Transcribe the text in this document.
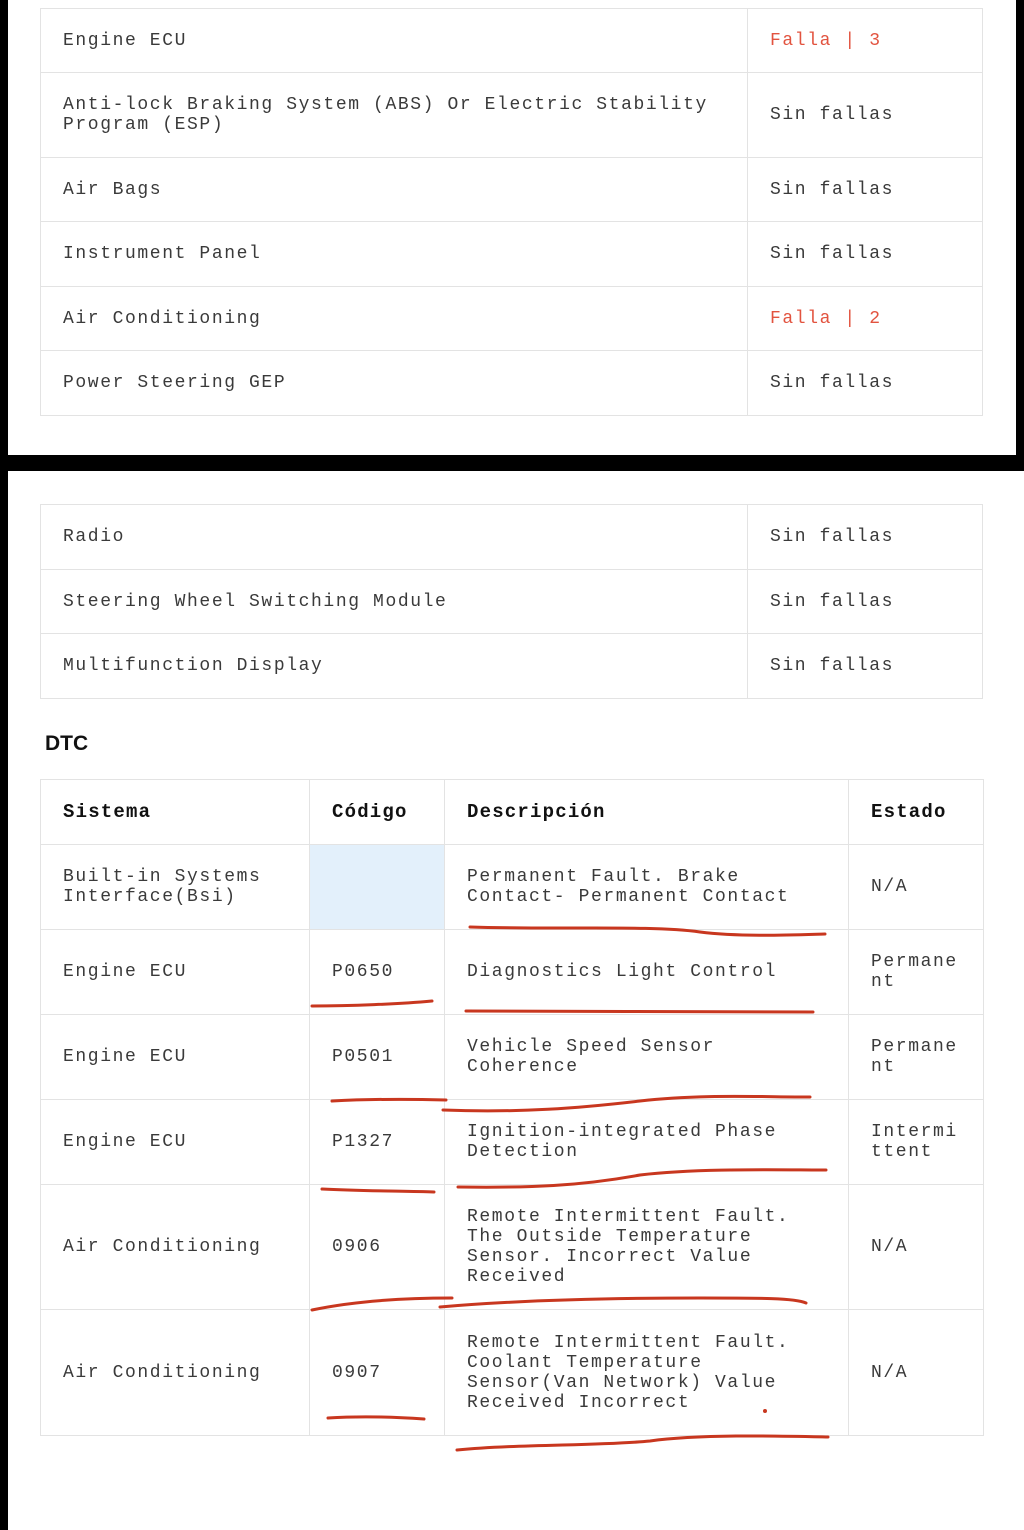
Engine ECU	Falla | 3
Anti-lock Braking System (ABS) Or Electric Stability Program (ESP)	Sin fallas
Air Bags	Sin fallas
Instrument Panel	Sin fallas
Air Conditioning	Falla | 2
Power Steering GEP	Sin fallas
Radio	Sin fallas
Steering Wheel Switching Module	Sin fallas
Multifunction Display	Sin fallas
DTC
Sistema	Código	Descripción	Estado
Built-in Systems Interface(Bsi)		Permanent Fault. Brake Contact- Permanent Contact	N/A
Engine ECU	P0650	Diagnostics Light Control	Permanent
Engine ECU	P0501	Vehicle Speed Sensor Coherence	Permanent
Engine ECU	P1327	Ignition-integrated Phase Detection	Intermittent
Air Conditioning	0906	Remote Intermittent Fault. The Outside Temperature Sensor. Incorrect Value Received	N/A
Air Conditioning	0907	Remote Intermittent Fault. Coolant Temperature Sensor(Van Network) Value Received Incorrect	N/A
